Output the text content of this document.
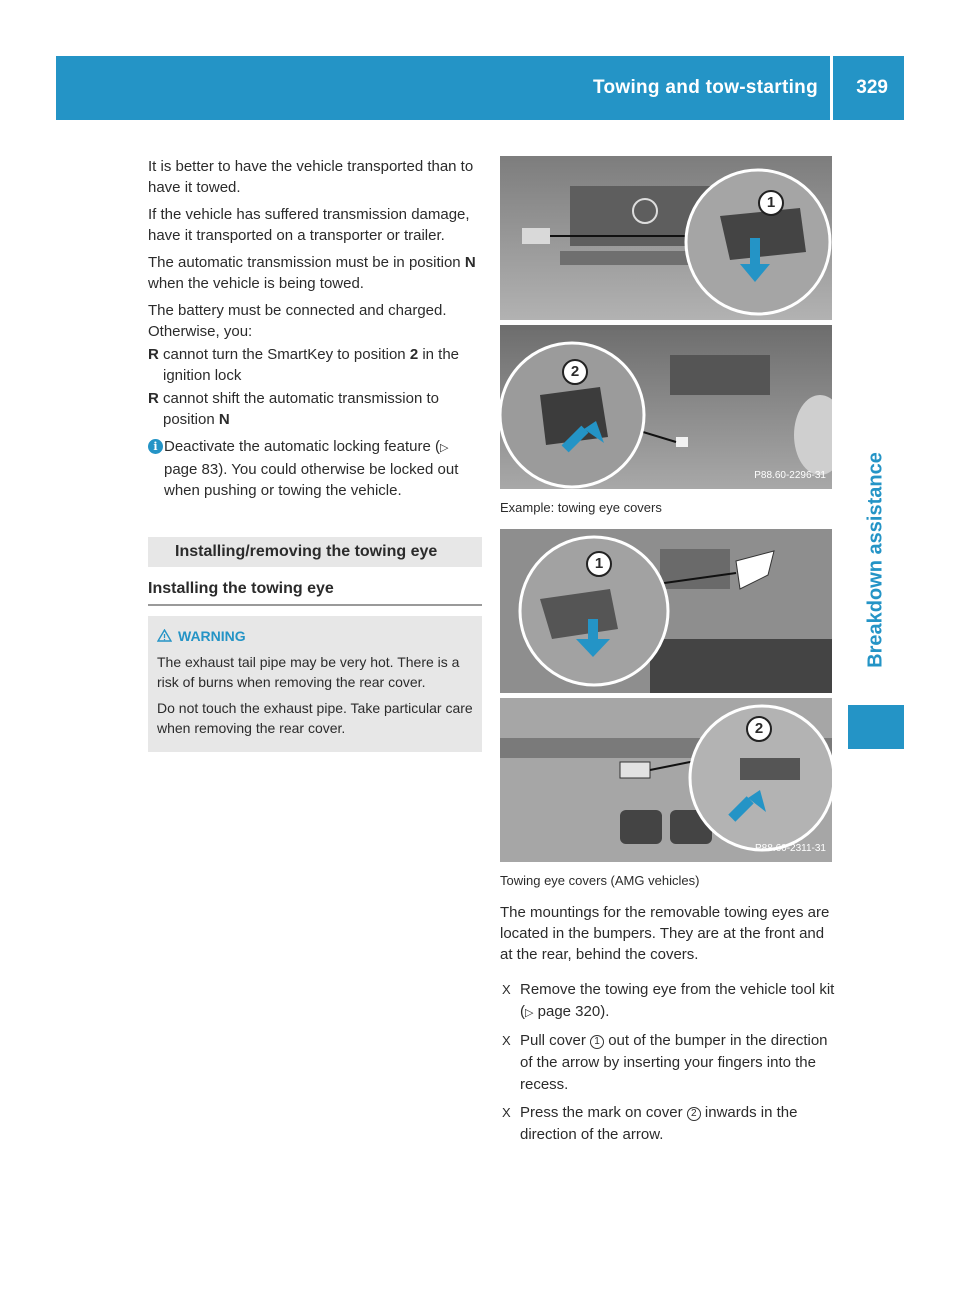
Towing and tow-starting 329
Breakdown assistance

It is better to have the vehicle transported than to have it towed.

If the vehicle has suffered transmission damage, have it transported on a transporter or trailer.

The automatic transmission must be in position N when the vehicle is being towed.

The battery must be connected and charged. Otherwise, you:

R cannot turn the SmartKey to position 2 in the ignition lock
R cannot shift the automatic transmission to position N
i Deactivate the automatic locking feature (▷ page 83). You could otherwise be locked out when pushing or towing the vehicle.
Installing/removing the towing eye
Installing the towing eye
WARNING

The exhaust tail pipe may be very hot. There is a risk of burns when removing the rear cover.

Do not touch the exhaust pipe. Take particular care when removing the rear cover.

1
2
P88.60-2296-31
Example: towing eye covers
1
2
P88.60-2311-31
Towing eye covers (AMG vehicles)

The mountings for the removable towing eyes are located in the bumpers. They are at the front and at the rear, behind the covers.

X Remove the towing eye from the vehicle tool kit (▷ page 320).
X Pull cover 1 out of the bumper in the direction of the arrow by inserting your fingers into the recess.
X Press the mark on cover 2 inwards in the direction of the arrow.
